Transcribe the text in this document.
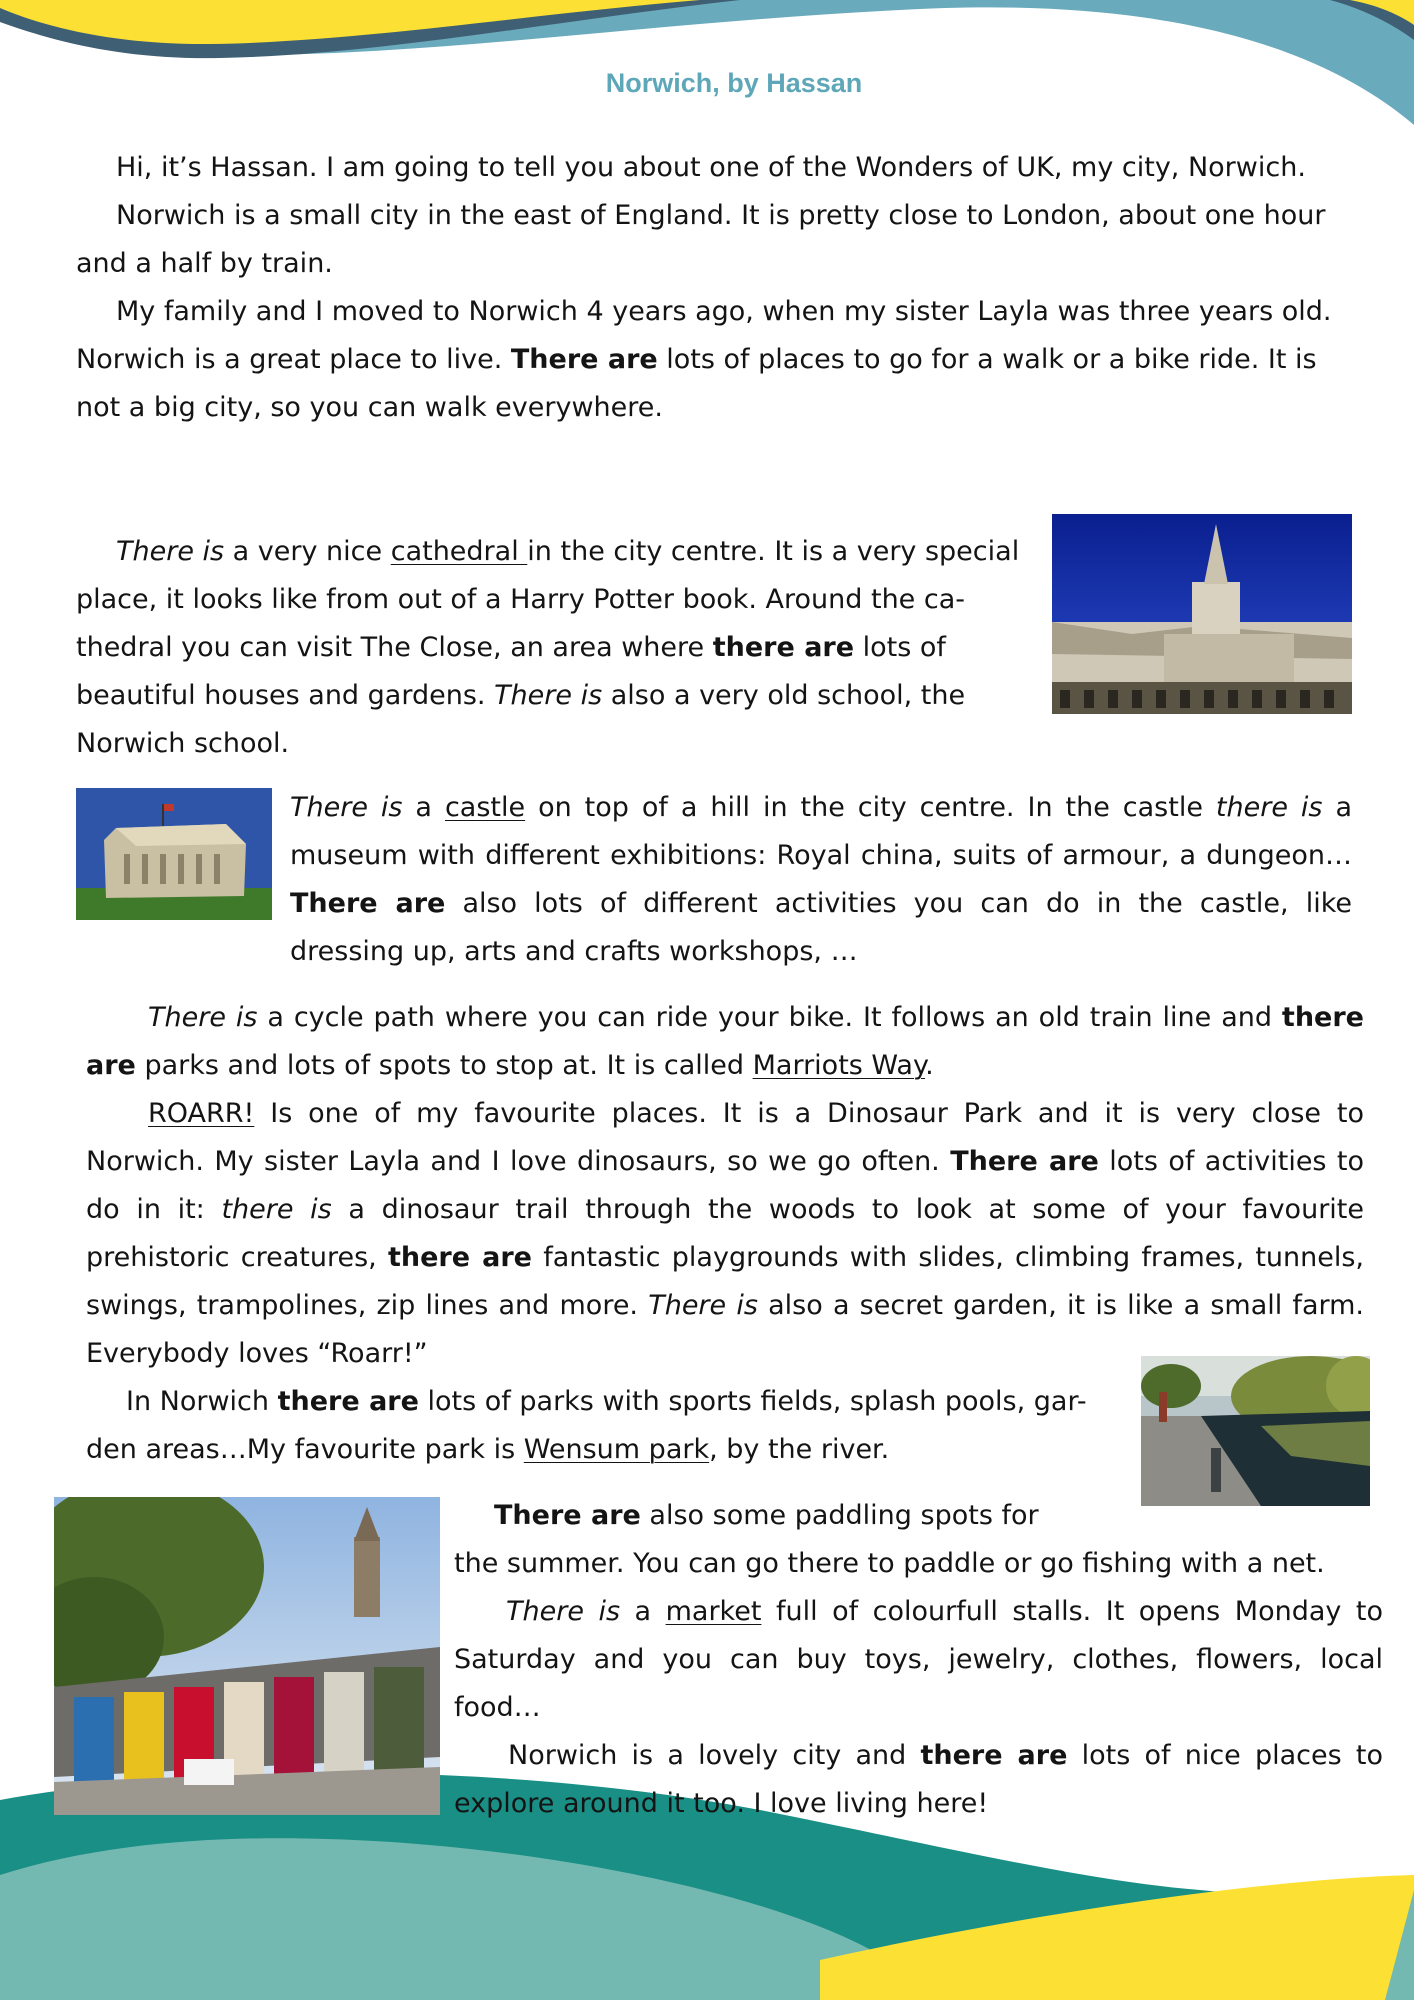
Norwich, by Hassan

Hi, it’s Hassan. I am going to tell you about one of the Wonders of UK, my city, Norwich.

Norwich is a small city in the east of England. It is pretty close to London, about one hour and a half by train.

My family and I moved to Norwich 4 years ago, when my sister Layla was three years old.

Norwich is a great place to live. There are lots of places to go for a walk or a bike ride. It is not a big city, so you can walk everywhere.

There is a very nice cathedral in the city centre. It is a very special

place, it looks like from out of a Harry Potter book. Around the ca-

thedral you can visit The Close, an area where there are lots of

beautiful houses and gardens. There is also a very old school, the

Norwich school.

There is a castle on top of a hill in the city centre. In the castle there is a museum with different exhibitions: Royal china, suits of armour, a dungeon… There are also lots of different activities you can do in the castle, like dressing up, arts and crafts workshops, …

There is a cycle path where you can ride your bike. It follows an old train line and there are parks and lots of spots to stop at. It is called Marriots Way.

ROARR! Is one of my favourite places. It is a Dinosaur Park and it is very close to Norwich. My sister Layla and I love dinosaurs, so we go often. There are lots of activities to do in it: there is a dinosaur trail through the woods to look at some of your favourite prehistoric creatures, there are fantastic playgrounds with slides, climbing frames, tunnels, swings, trampolines, zip lines and more. There is also a secret garden, it is like a small farm. Everybody loves “Roarr!”

In Norwich there are lots of parks with sports fields, splash pools, gar-

den areas…My favourite park is Wensum park, by the river.

There are also some paddling spots for

the summer. You can go there to paddle or go fishing with a net.

There is a market full of colourfull stalls. It opens Monday to Saturday and you can buy toys, jewelry, clothes, flowers, local food…

Norwich is a lovely city and there are lots of nice places to explore around it too. I love living here!
